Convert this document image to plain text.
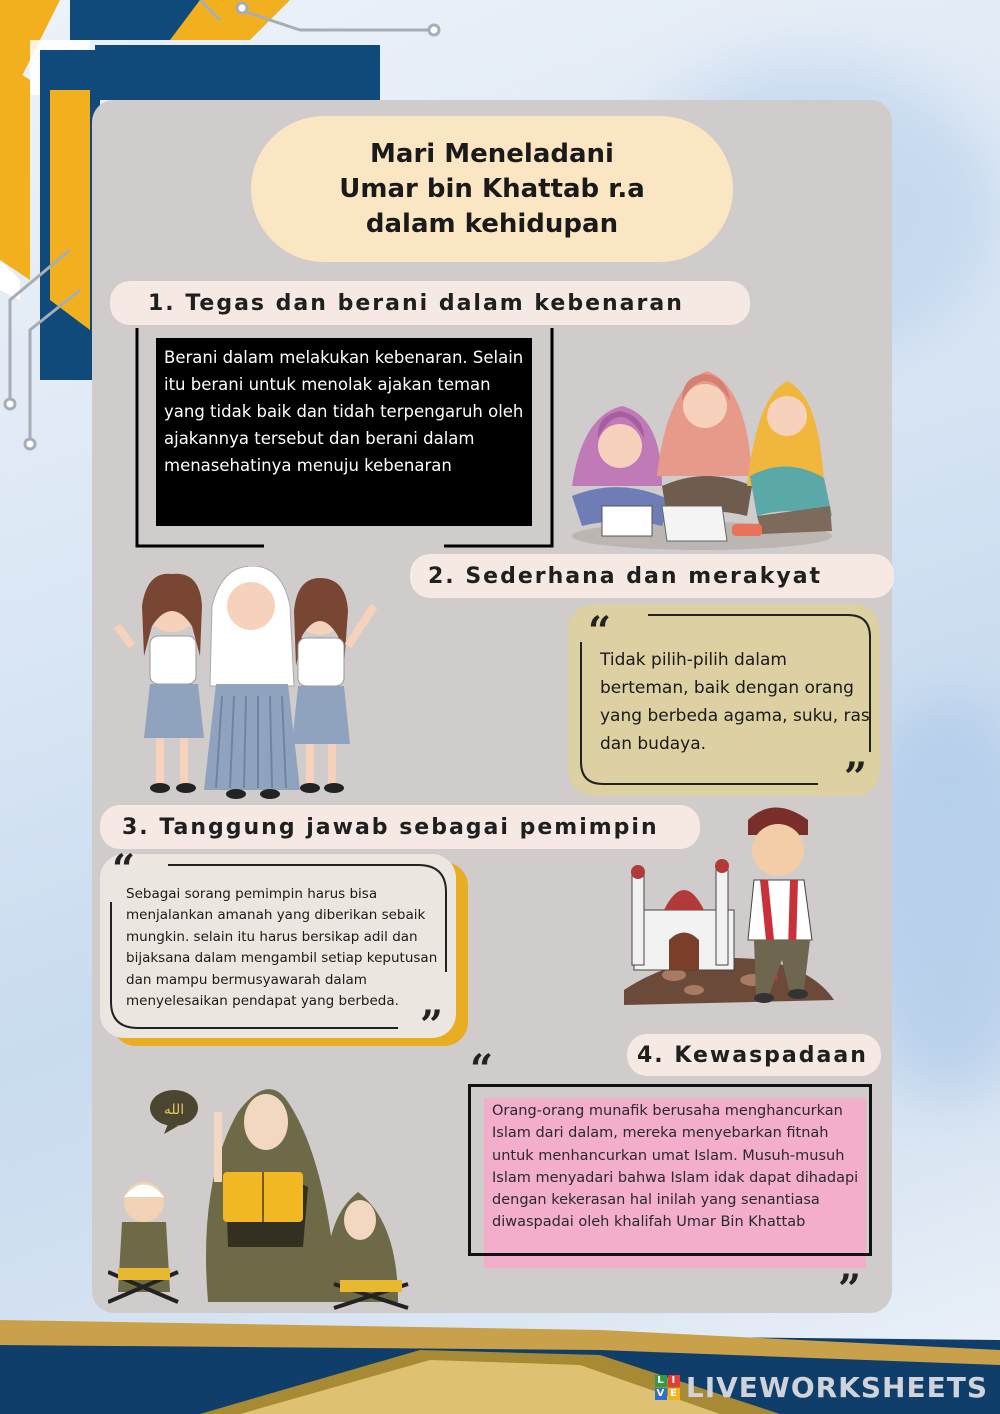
Mari Meneladani
Umar bin Khattab r.a
dalam kehidupan
1. Tegas dan berani dalam kebenaran
Berani dalam melakukan kebenaran. Selain itu berani untuk menolak ajakan teman yang tidak baik dan tidah terpengaruh oleh ajakannya tersebut dan berani dalam menasehatinya menuju kebenaran
2. Sederhana dan merakyat
“
”
Tidak pilih-pilih dalam berteman, baik dengan orang yang berbeda agama, suku, ras dan budaya.
3. Tanggung jawab sebagai pemimpin
“
”
Sebagai sorang pemimpin harus bisa menjalankan amanah yang diberikan sebaik mungkin. selain itu harus bersikap adil dan bijaksana dalam mengambil setiap keputusan dan mampu bermusyawarah dalam menyelesaikan pendapat yang berbeda.
4. Kewaspadaan
“
Orang-orang munafik berusaha menghancurkan Islam dari dalam, mereka menyebarkan fitnah untuk menhancurkan umat Islam. Musuh-musuh Islam menyadari bahwa Islam idak dapat dihadapi dengan kekerasan hal inilah yang senantiasa diwaspadai oleh khalifah Umar Bin Khattab
”
الله
L I
V E LIVEWORKSHEETS
